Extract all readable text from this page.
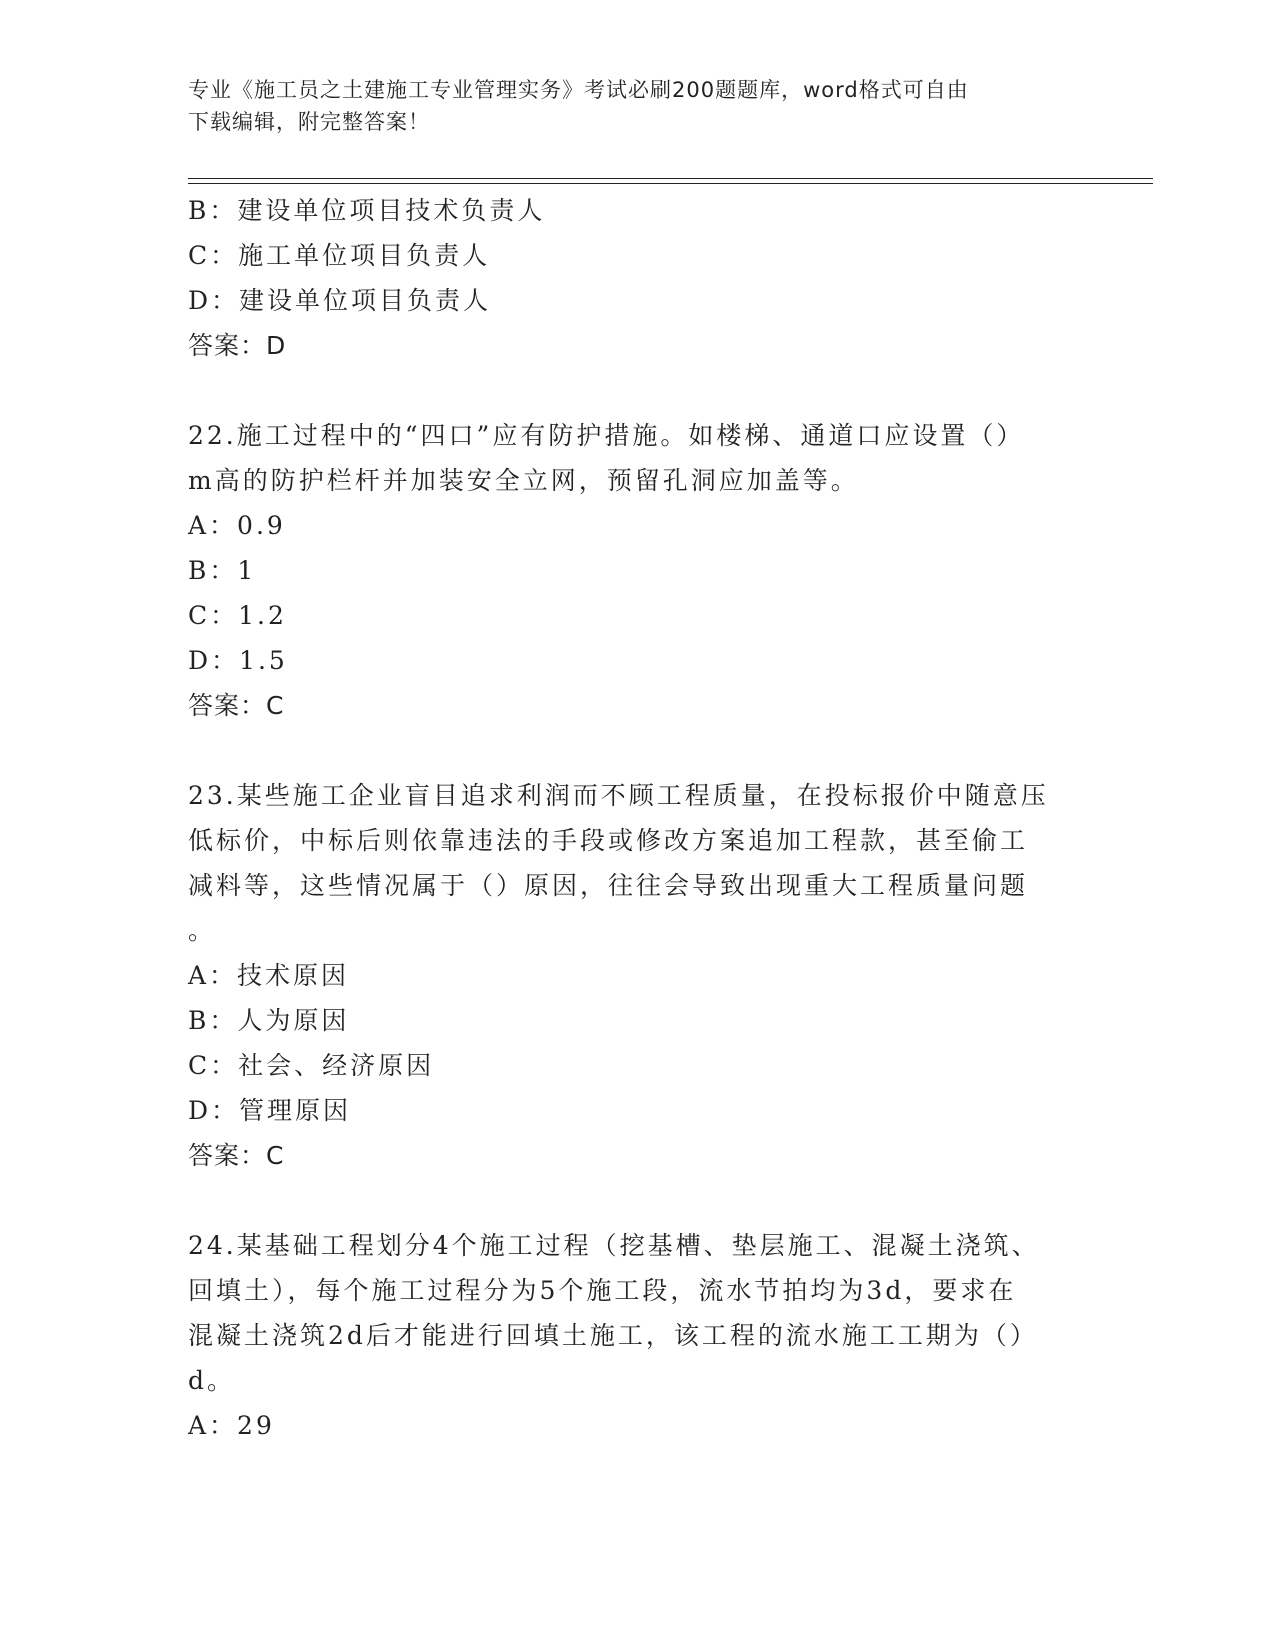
专业《施工员之土建施工专业管理实务》考试必刷200题题库，word格式可自由
下载编辑，附完整答案！
B：建设单位项目技术负责人
C：施工单位项目负责人
D：建设单位项目负责人
答案：D
22.施工过程中的“四口”应有防护措施。如楼梯、通道口应设置（）
m高的防护栏杆并加装安全立网，预留孔洞应加盖等。
A：0.9
B：1
C：1.2
D：1.5
答案：C
23.某些施工企业盲目追求利润而不顾工程质量，在投标报价中随意压
低标价，中标后则依靠违法的手段或修改方案追加工程款，甚至偷工
减料等，这些情况属于（）原因，往往会导致出现重大工程质量问题
。
A：技术原因
B：人为原因
C：社会、经济原因
D：管理原因
答案：C
24.某基础工程划分4个施工过程（挖基槽、垫层施工、混凝土浇筑、
回填土），每个施工过程分为5个施工段，流水节拍均为3d，要求在
混凝土浇筑2d后才能进行回填土施工，该工程的流水施工工期为（）
d。
A：29
